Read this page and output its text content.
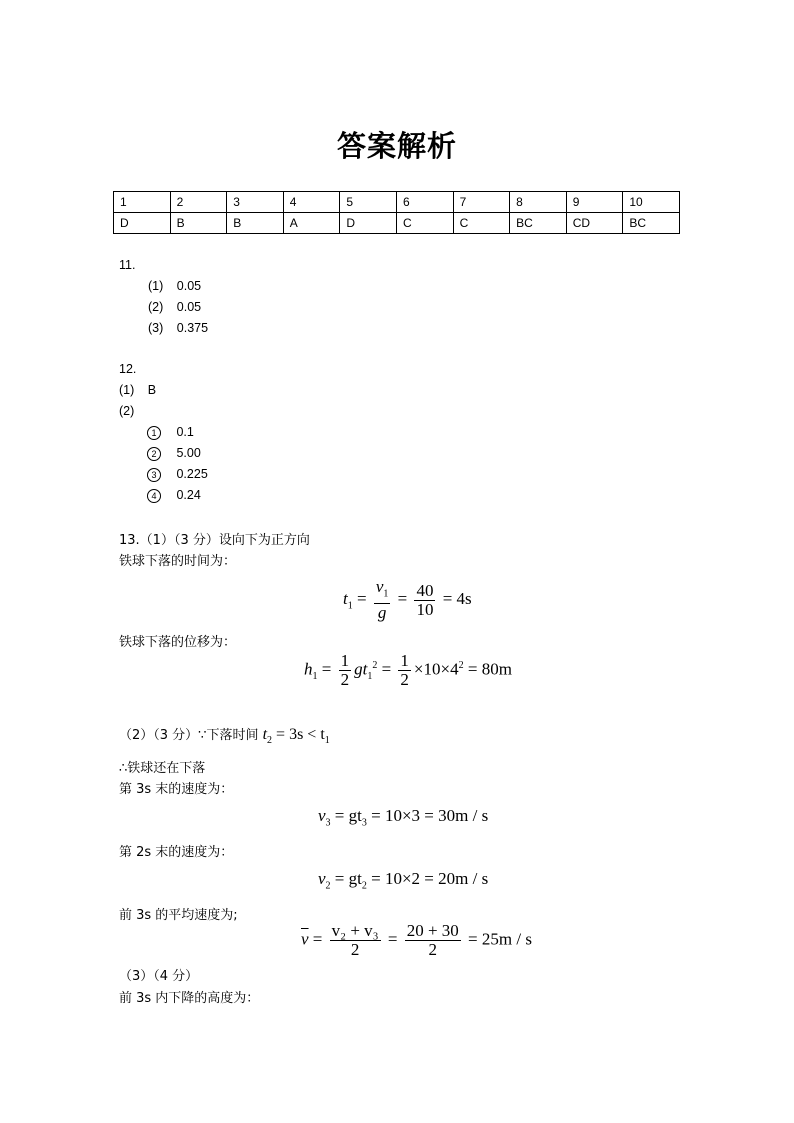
答案解析
1	2	3	4	5	6	7	8	9	10
D	B	B	A	D	C	C	BC	CD	BC
11.
(1) 0.05
(2) 0.05
(3) 0.375
12.
(1) B
(2)
1 0.1
2 5.00
3 0.225
4 0.24
13.（1）（3 分）设向下为正方向
铁球下落的时间为：
$t_1 = \frac{v_1}{g} = \frac{40}{10} = 4s$
铁球下落的位移为：
$h_1 = \frac{1}{2} gt_1^2 = \frac{1}{2} \times 10\times 4^2 = 80m$
（2）（3 分）∵下落时间 $t_2 = 3s < t_1$
∴铁球还在下落
第 3s 末的速度为：
$v_3 = gt_3 = 10\times 3 = 30m / s$
第 2s 末的速度为：
$v_2 = gt_2 = 10\times 2 = 20m / s$
前 3s 的平均速度为;
$\overline{v} = \frac{\text{v₂ + v₃}}{2} = \frac{20 + 30}{2} = 25m / s$
（3）（4 分）
前 3s 内下降的高度为：
